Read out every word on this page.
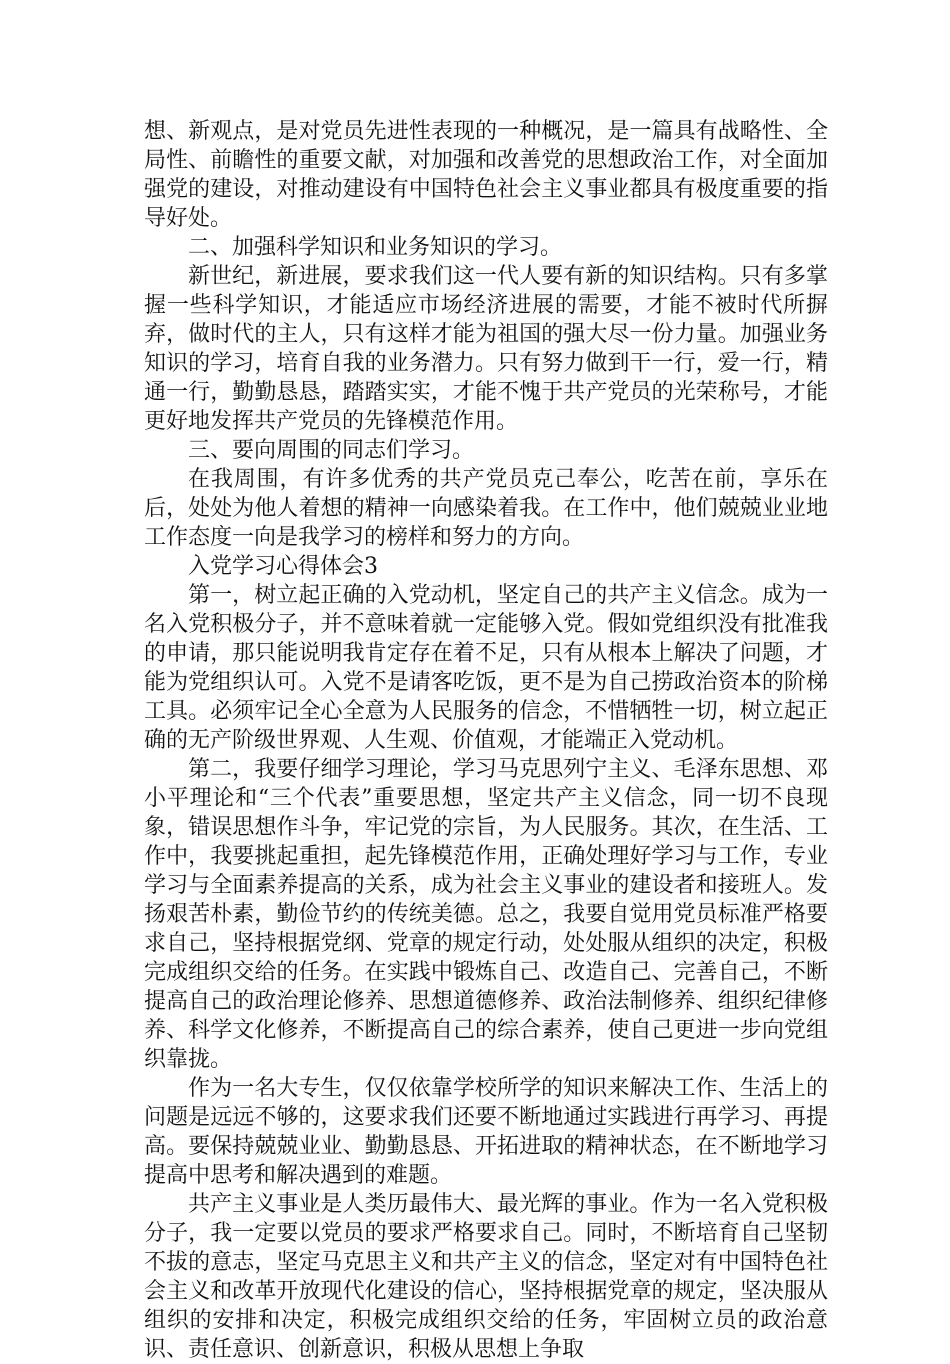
想、新观点，是对党员先进性表现的一种概况，是一篇具有战略性、全局性、前瞻性的重要文献，对加强和改善党的思想政治工作，对全面加强党的建设，对推动建设有中国特色社会主义事业都具有极度重要的指导好处。

二、加强科学知识和业务知识的学习。

新世纪，新进展，要求我们这一代人要有新的知识结构。只有多掌握一些科学知识，才能适应市场经济进展的需要，才能不被时代所摒弃，做时代的主人，只有这样才能为祖国的强大尽一份力量。加强业务知识的学习，培育自我的业务潜力。只有努力做到干一行，爱一行，精通一行，勤勤恳恳，踏踏实实，才能不愧于共产党员的光荣称号，才能更好地发挥共产党员的先锋模范作用。

三、要向周围的同志们学习。

在我周围，有许多优秀的共产党员克己奉公，吃苦在前，享乐在后，处处为他人着想的精神一向感染着我。在工作中，他们兢兢业业地工作态度一向是我学习的榜样和努力的方向。

入党学习心得体会3

第一，树立起正确的入党动机，坚定自己的共产主义信念。成为一名入党积极分子，并不意味着就一定能够入党。假如党组织没有批准我的申请，那只能说明我肯定存在着不足，只有从根本上解决了问题，才能为党组织认可。入党不是请客吃饭，更不是为自己捞政治资本的阶梯工具。必须牢记全心全意为人民服务的信念，不惜牺牲一切，树立起正确的无产阶级世界观、人生观、价值观，才能端正入党动机。

第二，我要仔细学习理论，学习马克思列宁主义、毛泽东思想、邓小平理论和“三个代表”重要思想，坚定共产主义信念，同一切不良现象，错误思想作斗争，牢记党的宗旨，为人民服务。其次，在生活、工作中，我要挑起重担，起先锋模范作用，正确处理好学习与工作，专业学习与全面素养提高的关系，成为社会主义事业的建设者和接班人。发扬艰苦朴素，勤俭节约的传统美德。总之，我要自觉用党员标准严格要求自己，坚持根据党纲、党章的规定行动，处处服从组织的决定，积极完成组织交给的任务。在实践中锻炼自己、改造自己、完善自己，不断提高自己的政治理论修养、思想道德修养、政治法制修养、组织纪律修养、科学文化修养，不断提高自己的综合素养，使自己更进一步向党组织靠拢。

作为一名大专生，仅仅依靠学校所学的知识来解决工作、生活上的问题是远远不够的，这要求我们还要不断地通过实践进行再学习、再提高。要保持兢兢业业、勤勤恳恳、开拓进取的精神状态，在不断地学习提高中思考和解决遇到的难题。

共产主义事业是人类历最伟大、最光辉的事业。作为一名入党积极分子，我一定要以党员的要求严格要求自己。同时，不断培育自己坚韧不拔的意志，坚定马克思主义和共产主义的信念，坚定对有中国特色社会主义和改革开放现代化建设的信心，坚持根据党章的规定，坚决服从组织的安排和决定，积极完成组织交给的任务，牢固树立员的政治意识、责任意识、创新意识，积极从思想上争取
